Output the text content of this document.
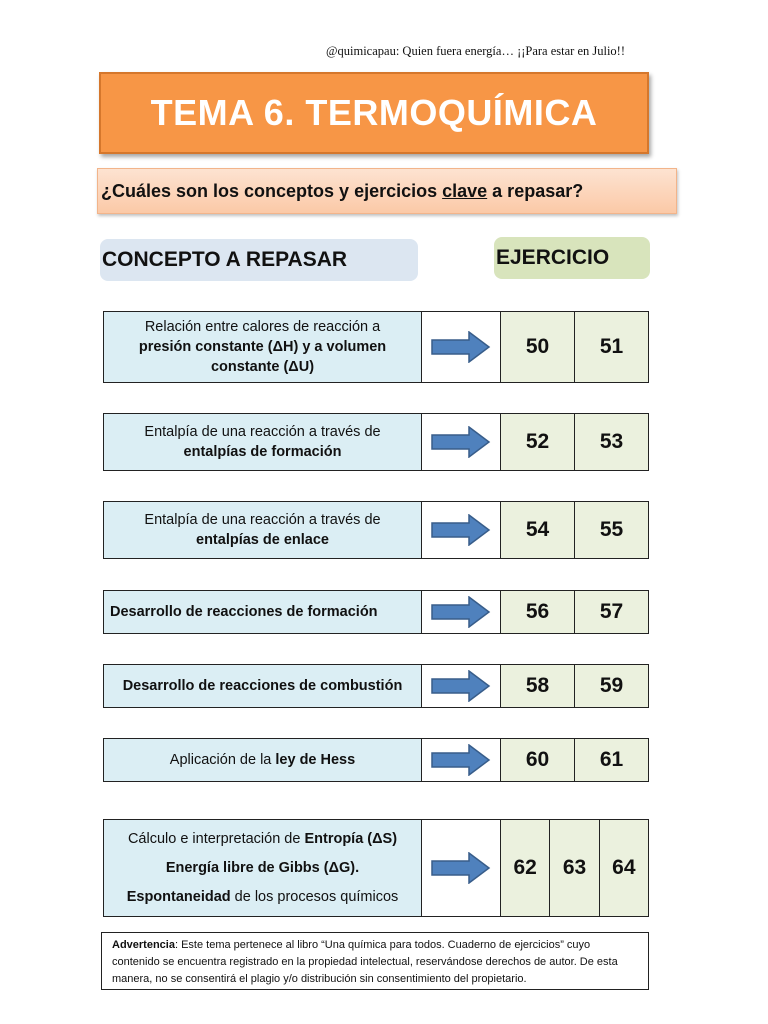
@quimicapau: Quien fuera energía… ¡¡Para estar en Julio!!
TEMA 6. TERMOQUÍMICA
¿Cuáles son los conceptos y ejercicios clave a repasar?
CONCEPTO A REPASAR	EJERCICIO
Relación entre calores de reacción a
presión constante (ΔH) y a volumen
constante (ΔU)
50	51
Entalpía de una reacción a través de
entalpías de formación	52	53
Entalpía de una reacción a través de
entalpías de enlace	54	55
Desarrollo de reacciones de formación	56	57
Desarrollo de reacciones de combustión	58	59
Aplicación de la ley de Hess	60	61
Cálculo e interpretación de Entropía (ΔS)
Energía libre de Gibbs (ΔG).
Espontaneidad de los procesos químicos
62	63	64
Advertencia: Este tema pertenece al libro “Una química para todos. Cuaderno de ejercicios” cuyo contenido se encuentra registrado en la propiedad intelectual, reservándose derechos de autor. De esta manera, no se consentirá el plagio y/o distribución sin consentimiento del propietario.
